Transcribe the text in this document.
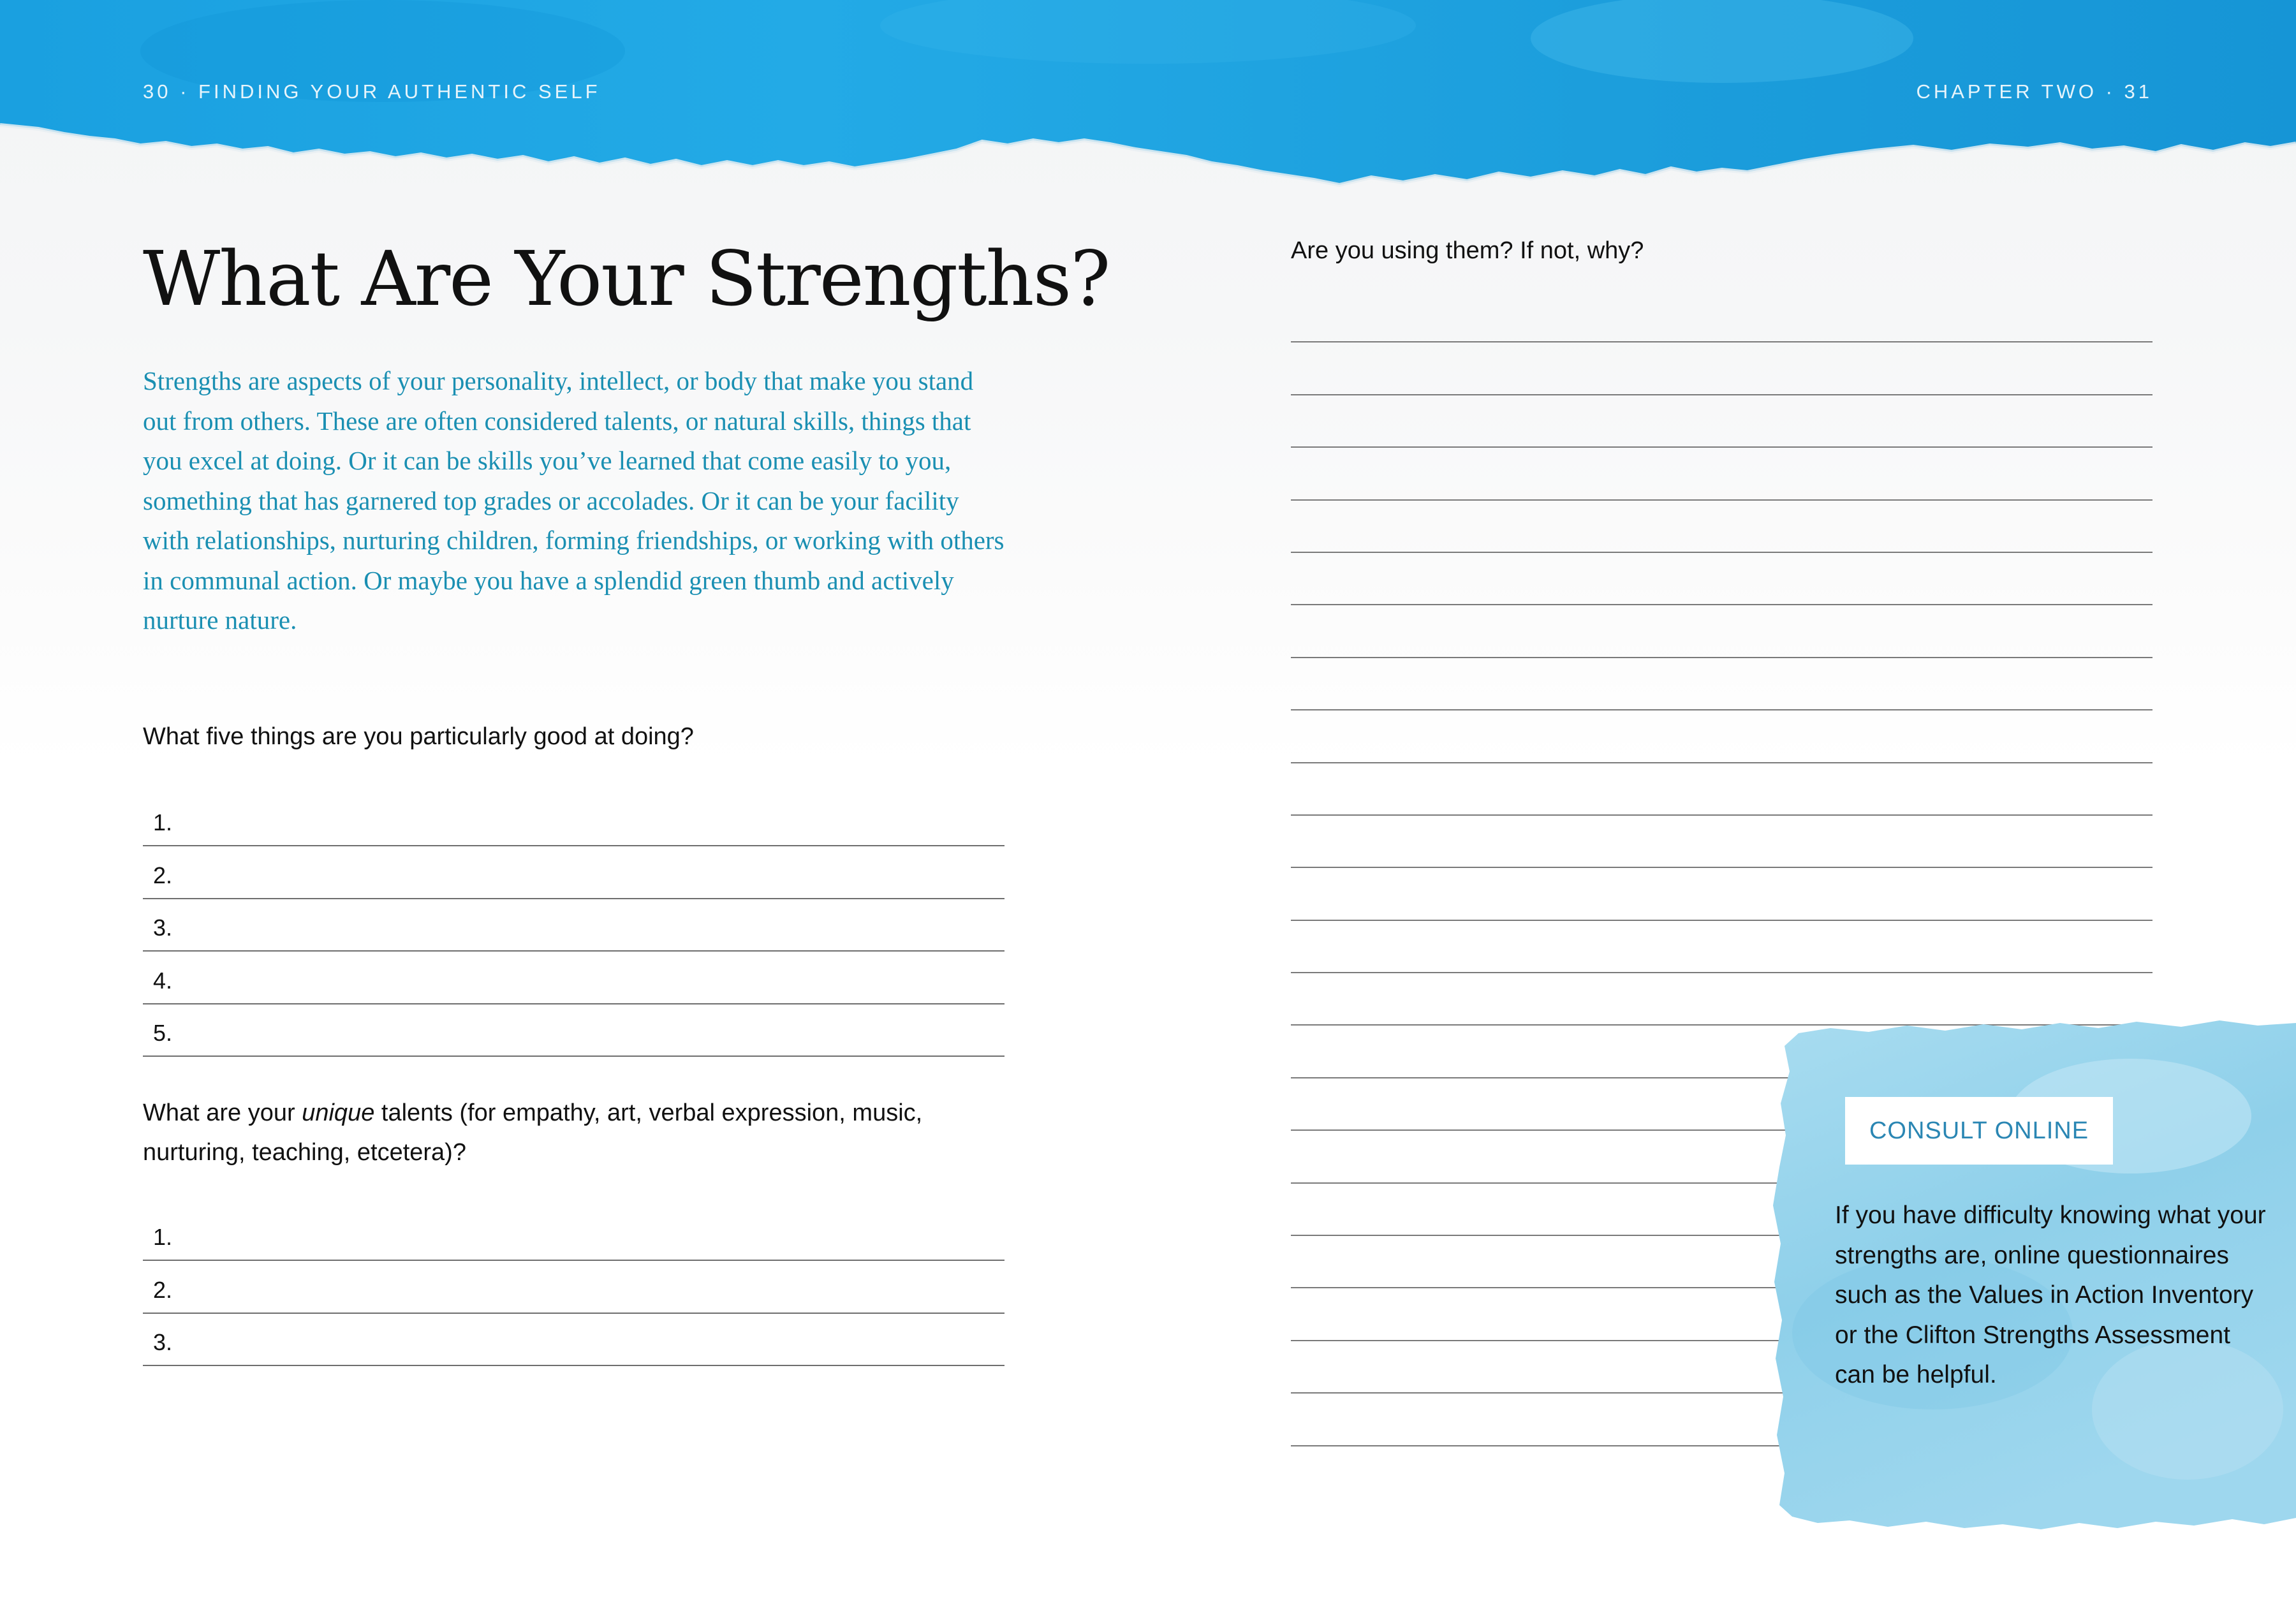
30 · FINDING YOUR AUTHENTIC SELF	CHAPTER TWO · 31
What Are Your Strengths?

Strengths are aspects of your personality, intellect, or body that make you stand out from others. These are often considered talents, or natural skills, things that you excel at doing. Or it can be skills you’ve learned that come easily to you, something that has garnered top grades or accolades. Or it can be your facility with relationships, nurturing children, forming friendships, or working with others in communal action. Or maybe you have a splendid green thumb and actively nurture nature.

What five things are you particularly good at doing?

1.
2.
3.
4.
5.

What are your unique talents (for empathy, art, verbal expression, music, nurturing, teaching, etcetera)?

1.
2.
3.

Are you using them? If not, why?

CONSULT ONLINE

If you have difficulty knowing what your strengths are, online questionnaires such as the Values in Action Inventory or the Clifton Strengths Assessment can be helpful.
